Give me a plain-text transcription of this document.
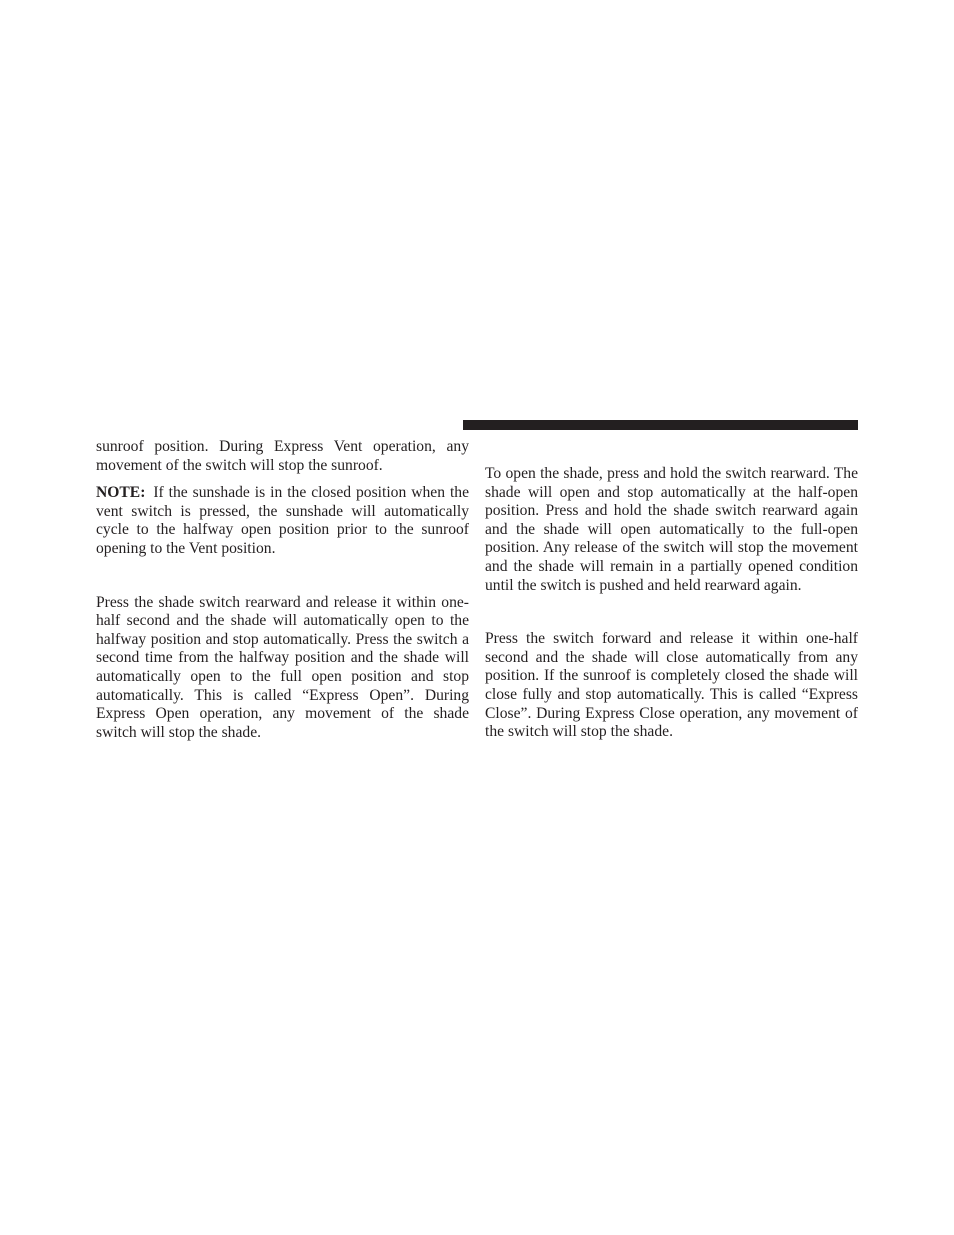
sunroof position. During Express Vent operation, any movement of the switch will stop the sunroof.

NOTE: If the sunshade is in the closed position when the vent switch is pressed, the sunshade will automatically cycle to the halfway open position prior to the sunroof opening to the Vent position.

Press the shade switch rearward and release it within one-half second and the shade will automatically open to the halfway position and stop automatically. Press the switch a second time from the halfway position and the shade will automatically open to the full open position and stop automatically. This is called “Express Open”. During Express Open operation, any movement of the shade switch will stop the shade.

To open the shade, press and hold the switch rearward. The shade will open and stop automatically at the half-open position. Press and hold the shade switch rearward again and the shade will open automatically to the full-open position. Any release of the switch will stop the movement and the shade will remain in a partially opened condition until the switch is pushed and held rearward again.

Press the switch forward and release it within one-half second and the shade will close automatically from any position. If the sunroof is completely closed the shade will close fully and stop automatically. This is called “Express Close”. During Express Close operation, any movement of the switch will stop the shade.
